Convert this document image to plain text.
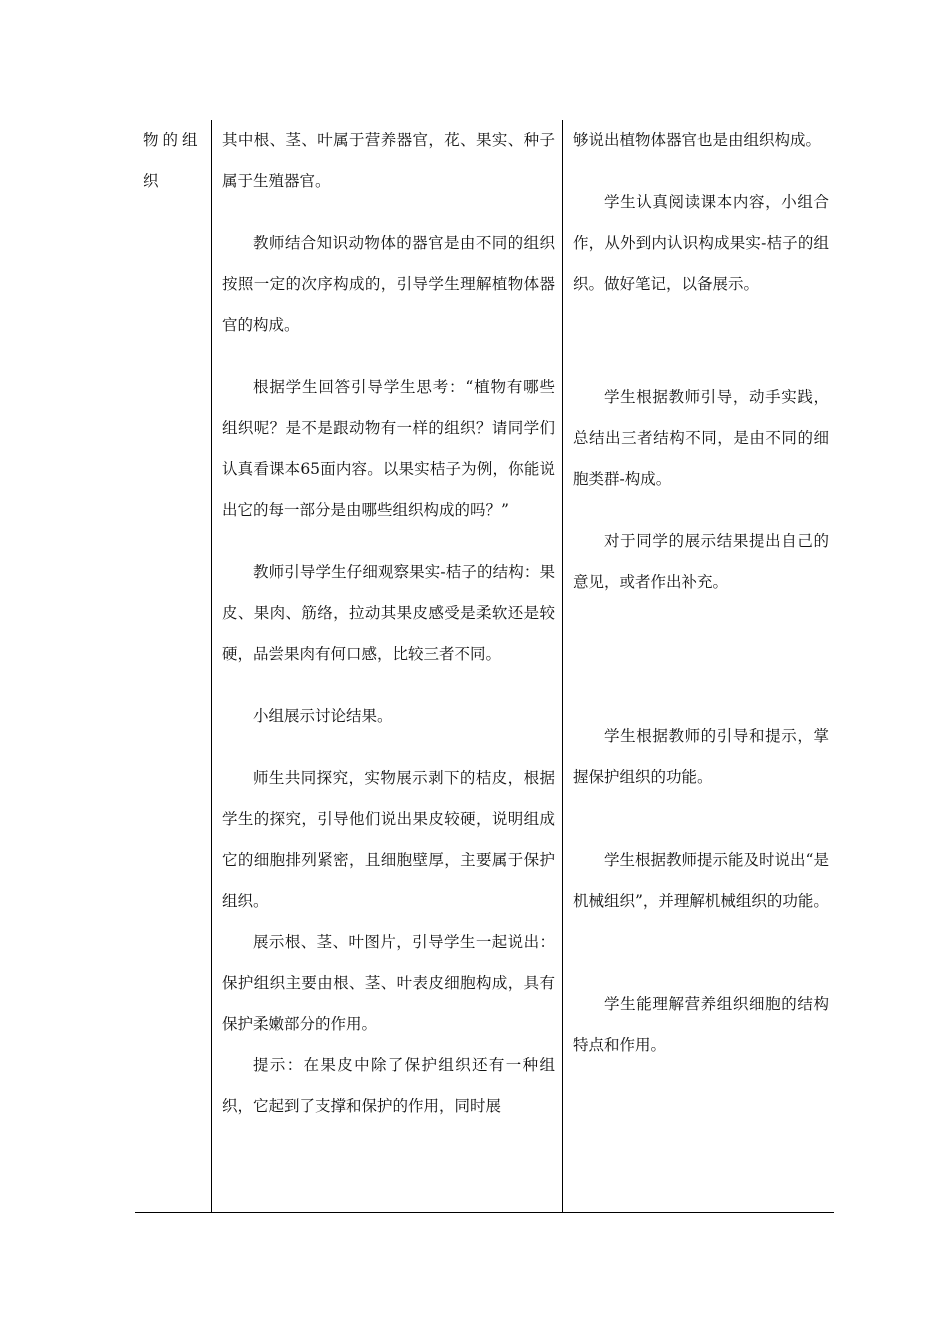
物的组

织

其中根、茎、叶属于营养器官，花、果实、种子属于生殖器官。

教师结合知识动物体的器官是由不同的组织按照一定的次序构成的，引导学生理解植物体器官的构成。

根据学生回答引导学生思考：“植物有哪些组织呢？是不是跟动物有一样的组织？请同学们认真看课本65面内容。以果实桔子为例，你能说出它的每一部分是由哪些组织构成的吗？”

教师引导学生仔细观察果实-桔子的结构：果皮、果肉、筋络，拉动其果皮感受是柔软还是较硬，品尝果肉有何口感，比较三者不同。

小组展示讨论结果。

师生共同探究，实物展示剥下的桔皮，根据学生的探究，引导他们说出果皮较硬，说明组成它的细胞排列紧密，且细胞壁厚，主要属于保护组织。

展示根、茎、叶图片，引导学生一起说出：保护组织主要由根、茎、叶表皮细胞构成，具有保护柔嫩部分的作用。

提示：在果皮中除了保护组织还有一种组织，它起到了支撑和保护的作用，同时展

够说出植物体器官也是由组织构成。

学生认真阅读课本内容，小组合作，从外到内认识构成果实-桔子的组织。做好笔记，以备展示。

学生根据教师引导，动手实践，总结出三者结构不同，是由不同的细胞类群-构成。

对于同学的展示结果提出自己的意见，或者作出补充。

学生根据教师的引导和提示，掌握保护组织的功能。

学生根据教师提示能及时说出“是机械组织”，并理解机械组织的功能。

学生能理解营养组织细胞的结构特点和作用。
